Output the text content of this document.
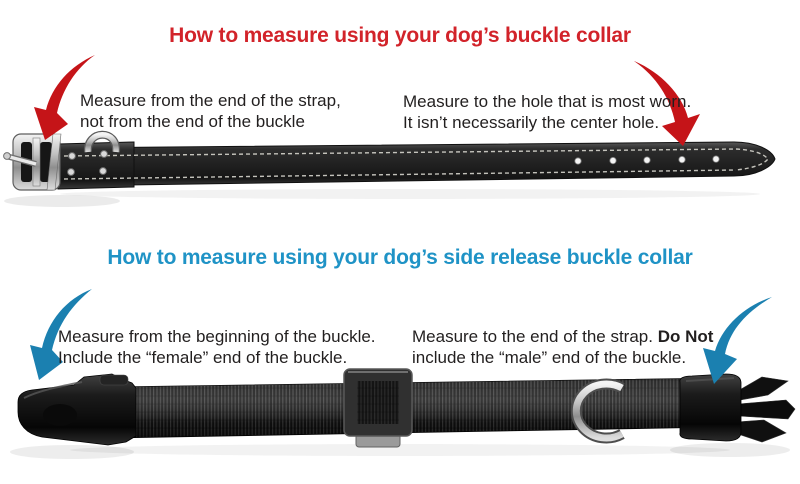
How to measure using your dog’s buckle collar
Measure from the end of the strap,
not from the end of the buckle
Measure to the hole that is most worn.
It isn’t necessarily the center hole.
How to measure using your dog’s side release buckle collar
Measure from the beginning of the buckle.
Include the “female” end of the buckle.
Measure to the end of the strap. Do Not
include the “male” end of the buckle.
